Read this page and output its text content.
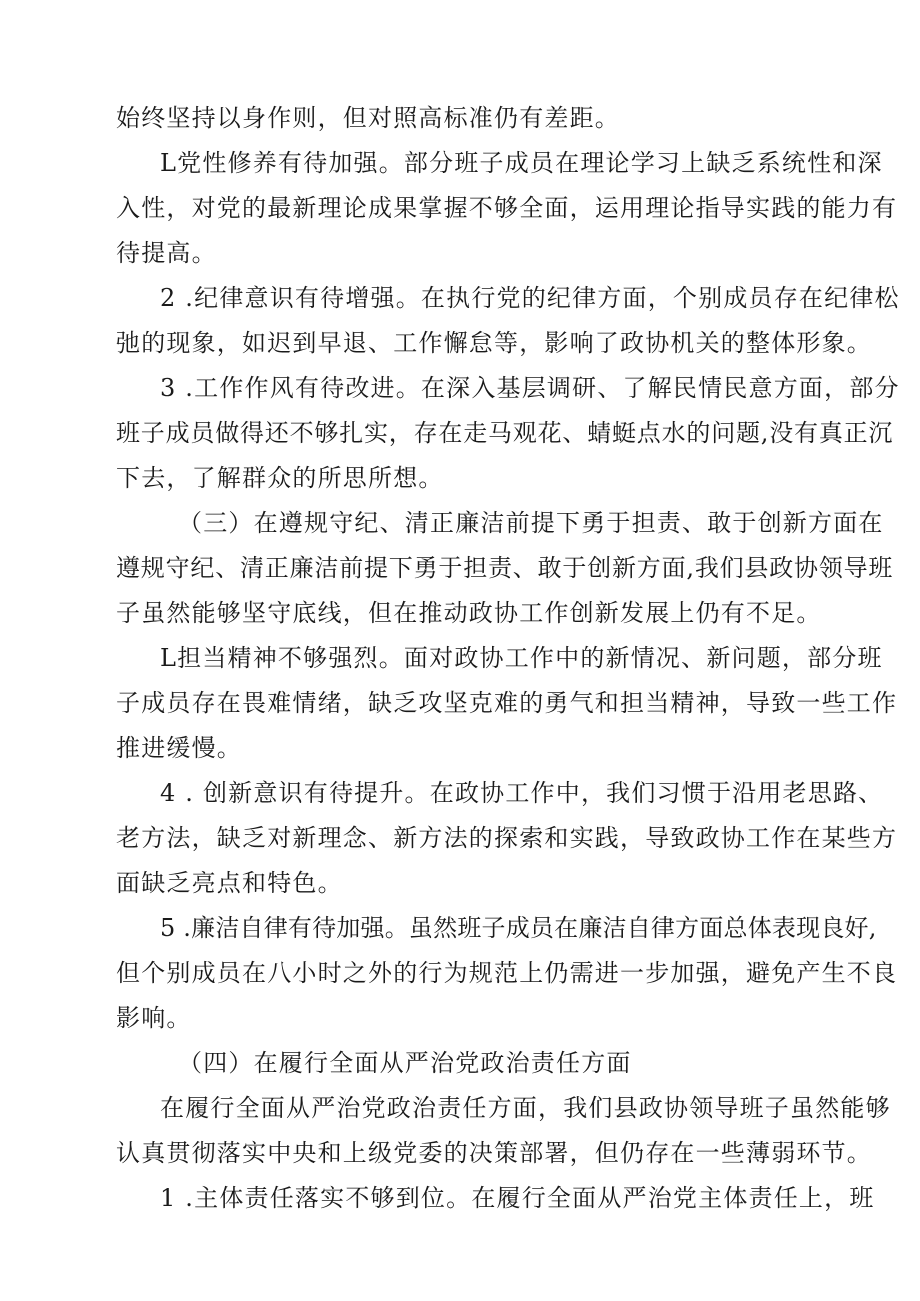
始终坚持以身作则，但对照高标准仍有差距。
L党性修养有待加强。部分班子成员在理论学习上缺乏系统性和深
入性，对党的最新理论成果掌握不够全面，运用理论指导实践的能力有
待提高。
2 .纪律意识有待增强。在执行党的纪律方面，个别成员存在纪律松
弛的现象，如迟到早退、工作懈怠等，影响了政协机关的整体形象。
3 .工作作风有待改进。在深入基层调研、了解民情民意方面，部分
班子成员做得还不够扎实，存在走马观花、蜻蜓点水的问题,没有真正沉
下去，了解群众的所思所想。
（三）在遵规守纪、清正廉洁前提下勇于担责、敢于创新方面在
遵规守纪、清正廉洁前提下勇于担责、敢于创新方面,我们县政协领导班
子虽然能够坚守底线，但在推动政协工作创新发展上仍有不足。
L担当精神不够强烈。面对政协工作中的新情况、新问题，部分班
子成员存在畏难情绪，缺乏攻坚克难的勇气和担当精神，导致一些工作
推进缓慢。
4 . 创新意识有待提升。在政协工作中，我们习惯于沿用老思路、
老方法，缺乏对新理念、新方法的探索和实践，导致政协工作在某些方
面缺乏亮点和特色。
5 .廉洁自律有待加强。虽然班子成员在廉洁自律方面总体表现良好,
但个别成员在八小时之外的行为规范上仍需进一步加强，避免产生不良
影响。
（四）在履行全面从严治党政治责任方面
在履行全面从严治党政治责任方面，我们县政协领导班子虽然能够
认真贯彻落实中央和上级党委的决策部署，但仍存在一些薄弱环节。
1 .主体责任落实不够到位。在履行全面从严治党主体责任上，班
